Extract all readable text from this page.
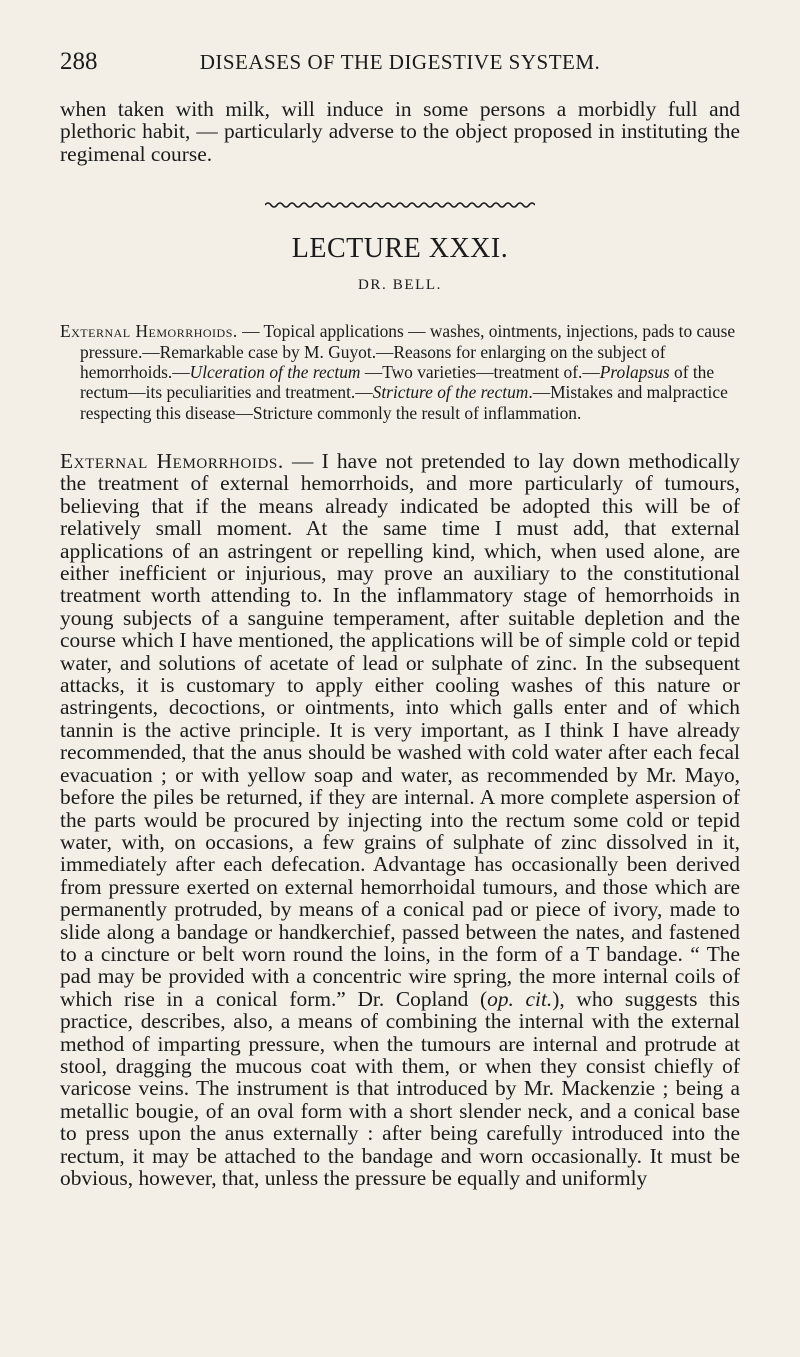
288	DISEASES OF THE DIGESTIVE SYSTEM.

when taken with milk, will induce in some persons a morbidly full and plethoric habit, — particularly adverse to the object proposed in instituting the regimenal course.

LECTURE XXXI.
DR. BELL.

External Hemorrhoids. — Topical applications — washes, ointments, injections, pads to cause pressure.—Remarkable case by M. Guyot.—Reasons for enlarging on the subject of hemorrhoids.—Ulceration of the rectum —Two varieties—treatment of.—Prolapsus of the rectum—its peculiarities and treatment.—Stricture of the rectum.—Mistakes and malpractice respecting this disease—Stricture commonly the result of inflammation.

External Hemorrhoids. — I have not pretended to lay down methodically the treatment of external hemorrhoids, and more particularly of tumours, believing that if the means already indicated be adopted this will be of relatively small moment. At the same time I must add, that external applications of an astringent or repelling kind, which, when used alone, are either inefficient or injurious, may prove an auxiliary to the constitutional treatment worth attending to. In the inflammatory stage of hemorrhoids in young subjects of a sanguine temperament, after suitable depletion and the course which I have mentioned, the applications will be of simple cold or tepid water, and solutions of acetate of lead or sulphate of zinc. In the subsequent attacks, it is customary to apply either cooling washes of this nature or astringents, decoctions, or ointments, into which galls enter and of which tannin is the active principle. It is very important, as I think I have already recommended, that the anus should be washed with cold water after each fecal evacuation ; or with yellow soap and water, as recommended by Mr. Mayo, before the piles be returned, if they are internal. A more complete aspersion of the parts would be procured by injecting into the rectum some cold or tepid water, with, on occasions, a few grains of sulphate of zinc dissolved in it, immediately after each defecation. Advantage has occasionally been derived from pressure exerted on external hemorrhoidal tumours, and those which are permanently protruded, by means of a conical pad or piece of ivory, made to slide along a bandage or handkerchief, passed between the nates, and fastened to a cincture or belt worn round the loins, in the form of a T bandage. “ The pad may be provided with a concentric wire spring, the more internal coils of which rise in a conical form.” Dr. Copland (op. cit.), who suggests this practice, describes, also, a means of combining the internal with the external method of imparting pressure, when the tumours are internal and protrude at stool, dragging the mucous coat with them, or when they consist chiefly of varicose veins. The instrument is that introduced by Mr. Mackenzie ; being a metallic bougie, of an oval form with a short slender neck, and a conical base to press upon the anus externally : after being carefully introduced into the rectum, it may be attached to the bandage and worn occasionally. It must be obvious, however, that, unless the pressure be equally and uniformly
